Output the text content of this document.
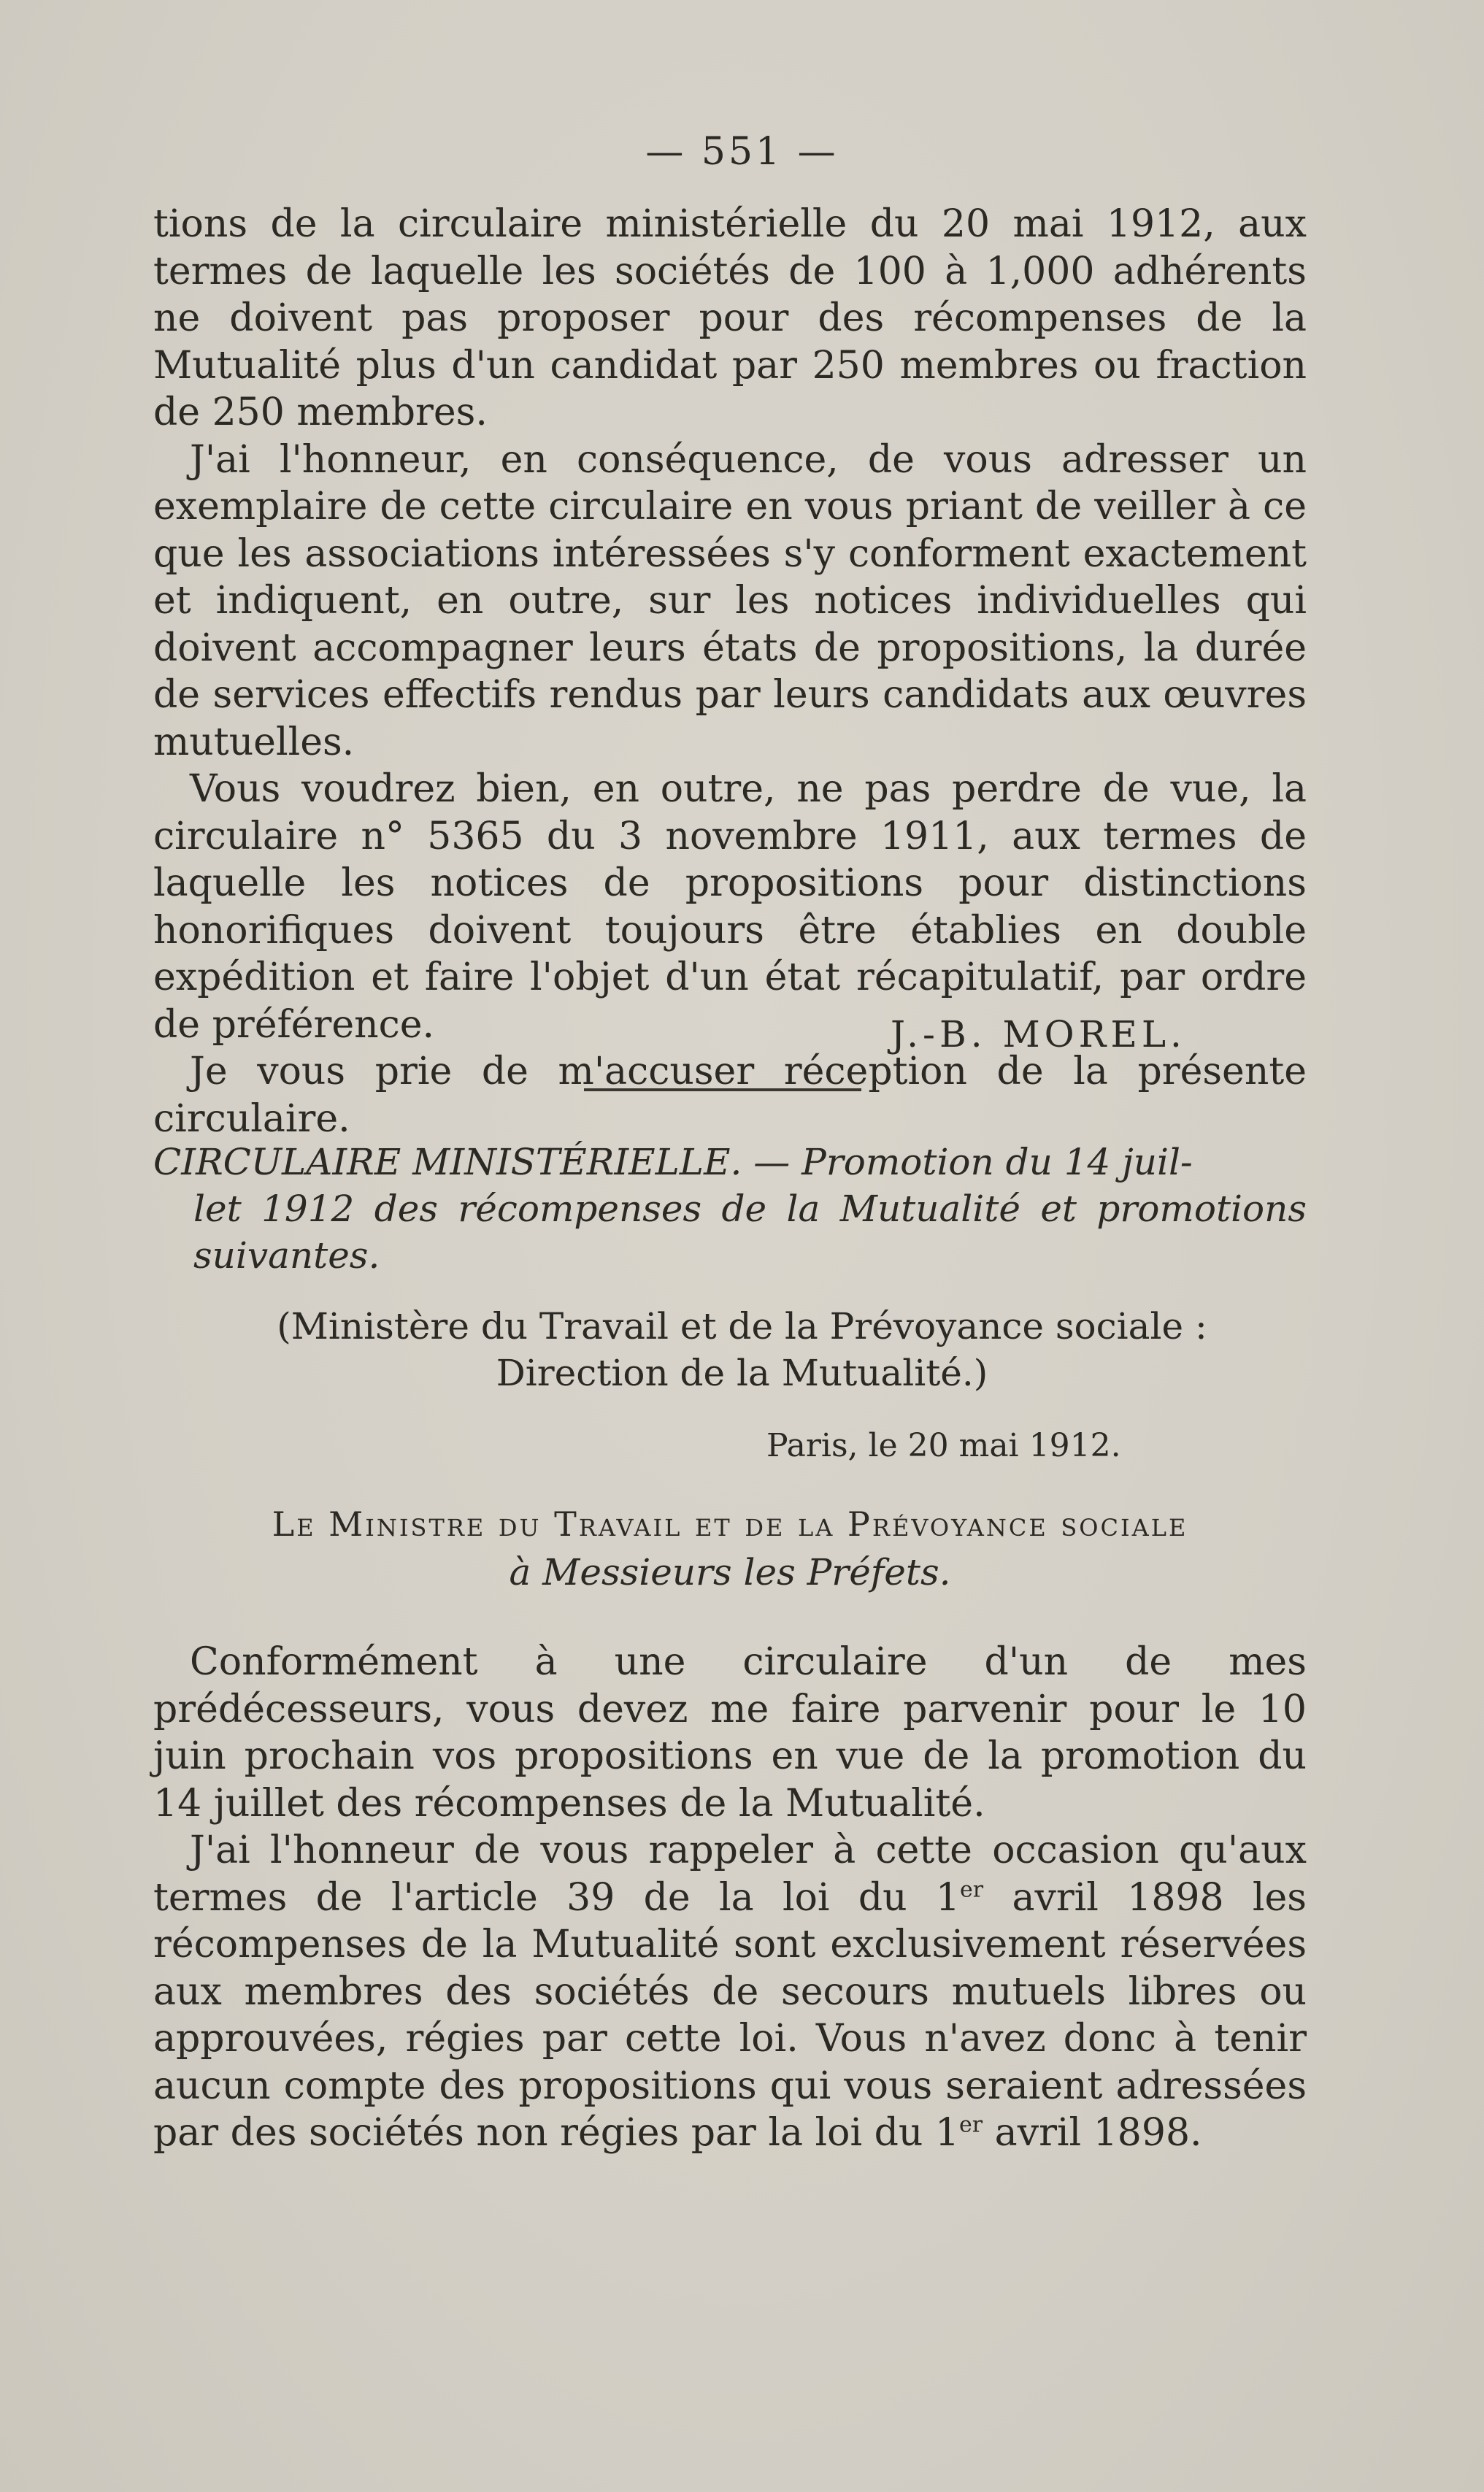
— 551 —

tions de la circulaire ministérielle du 20 mai 1912, aux termes de laquelle les sociétés de 100 à 1,000 adhérents ne doivent pas proposer pour des récompenses de la Mutualité plus d'un candidat par 250 membres ou fraction de 250 membres.

J'ai l'honneur, en conséquence, de vous adresser un exemplaire de cette circulaire en vous priant de veiller à ce que les associations intéressées s'y conforment exactement et indiquent, en outre, sur les notices individuelles qui doivent accompagner leurs états de propositions, la durée de services effectifs rendus par leurs candidats aux œuvres mutuelles.

Vous voudrez bien, en outre, ne pas perdre de vue, la circulaire n° 5365 du 3 novembre 1911, aux termes de laquelle les notices de propositions pour distinctions honorifiques doivent toujours être établies en double expédition et faire l'objet d'un état récapitulatif, par ordre de préférence.

Je vous prie de m'accuser réception de la présente circulaire.

J.-B. MOREL.
CIRCULAIRE MINISTÉRIELLE. — Promotion du 14 juil-
let 1912 des récompenses de la Mutualité et promotions suivantes.
(Ministère du Travail et de la Prévoyance sociale :
Direction de la Mutualité.)
Paris, le 20 mai 1912.
Le Ministre du Travail et de la Prévoyance sociale
à Messieurs les Préfets.

Conformément à une circulaire d'un de mes prédécesseurs, vous devez me faire parvenir pour le 10 juin prochain vos propositions en vue de la promotion du 14 juillet des récompenses de la Mutualité.

J'ai l'honneur de vous rappeler à cette occasion qu'aux termes de l'article 39 de la loi du 1er avril 1898 les récompenses de la Mutualité sont exclusivement réservées aux membres des sociétés de secours mutuels libres ou approuvées, régies par cette loi. Vous n'avez donc à tenir aucun compte des propositions qui vous seraient adressées par des sociétés non régies par la loi du 1er avril 1898.
